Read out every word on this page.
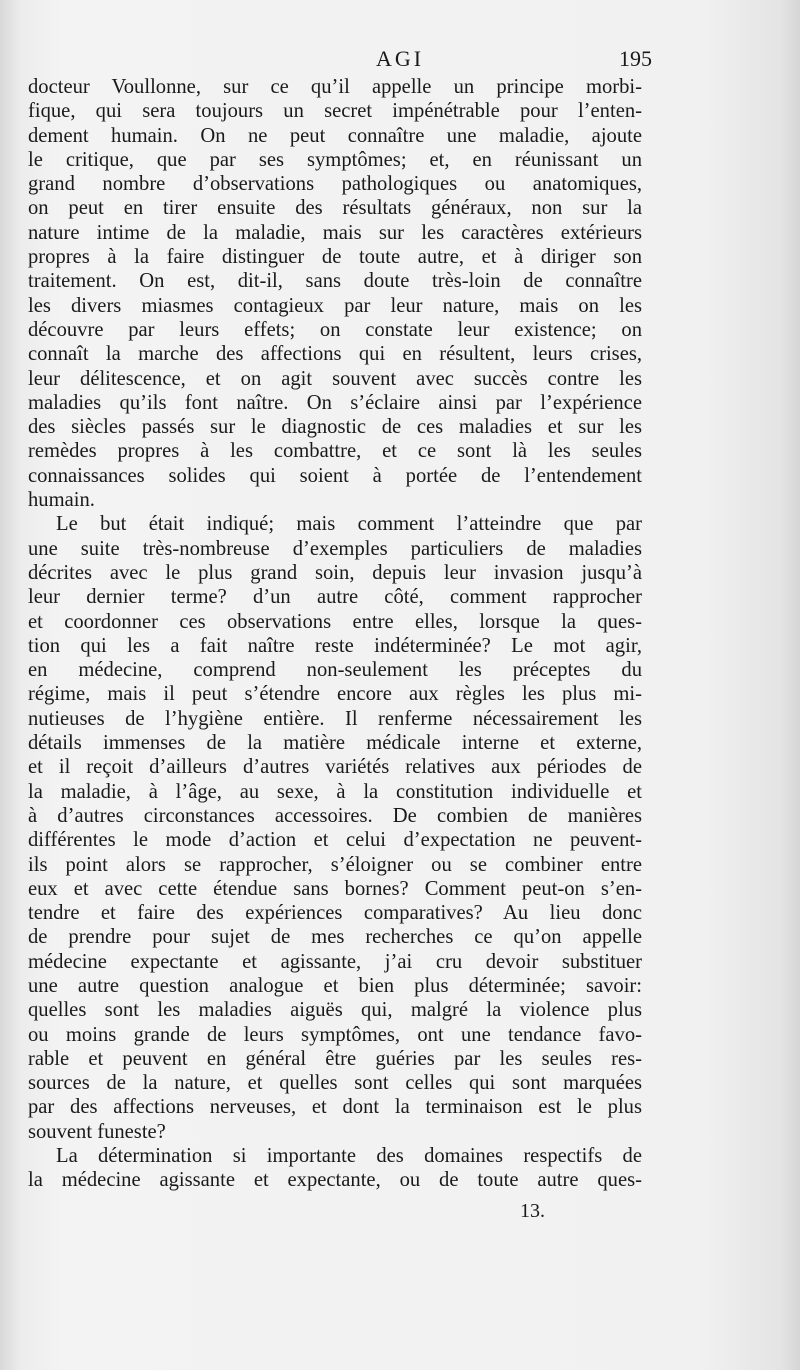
AGI	195
docteur Voullonne, sur ce qu’il appelle un principe morbi-
fique, qui sera toujours un secret impénétrable pour l’enten-
dement humain. On ne peut connaître une maladie, ajoute
le critique, que par ses symptômes; et, en réunissant un
grand nombre d’observations pathologiques ou anatomiques,
on peut en tirer ensuite des résultats généraux, non sur la
nature intime de la maladie, mais sur les caractères extérieurs
propres à la faire distinguer de toute autre, et à diriger son
traitement. On est, dit-il, sans doute très-loin de connaître
les divers miasmes contagieux par leur nature, mais on les
découvre par leurs effets; on constate leur existence; on
connaît la marche des affections qui en résultent, leurs crises,
leur délitescence, et on agit souvent avec succès contre les
maladies qu’ils font naître. On s’éclaire ainsi par l’expérience
des siècles passés sur le diagnostic de ces maladies et sur les
remèdes propres à les combattre, et ce sont là les seules
connaissances solides qui soient à portée de l’entendement
humain.
Le but était indiqué; mais comment l’atteindre que par
une suite très-nombreuse d’exemples particuliers de maladies
décrites avec le plus grand soin, depuis leur invasion jusqu’à
leur dernier terme? d’un autre côté, comment rapprocher
et coordonner ces observations entre elles, lorsque la ques-
tion qui les a fait naître reste indéterminée? Le mot agir,
en médecine, comprend non-seulement les préceptes du
régime, mais il peut s’étendre encore aux règles les plus mi-
nutieuses de l’hygiène entière. Il renferme nécessairement les
détails immenses de la matière médicale interne et externe,
et il reçoit d’ailleurs d’autres variétés relatives aux périodes de
la maladie, à l’âge, au sexe, à la constitution individuelle et
à d’autres circonstances accessoires. De combien de manières
différentes le mode d’action et celui d’expectation ne peuvent-
ils point alors se rapprocher, s’éloigner ou se combiner entre
eux et avec cette étendue sans bornes? Comment peut-on s’en-
tendre et faire des expériences comparatives? Au lieu donc
de prendre pour sujet de mes recherches ce qu’on appelle
médecine expectante et agissante, j’ai cru devoir substituer
une autre question analogue et bien plus déterminée; savoir:
quelles sont les maladies aiguës qui, malgré la violence plus
ou moins grande de leurs symptômes, ont une tendance favo-
rable et peuvent en général être guéries par les seules res-
sources de la nature, et quelles sont celles qui sont marquées
par des affections nerveuses, et dont la terminaison est le plus
souvent funeste?
La détermination si importante des domaines respectifs de
la médecine agissante et expectante, ou de toute autre ques-
13.
